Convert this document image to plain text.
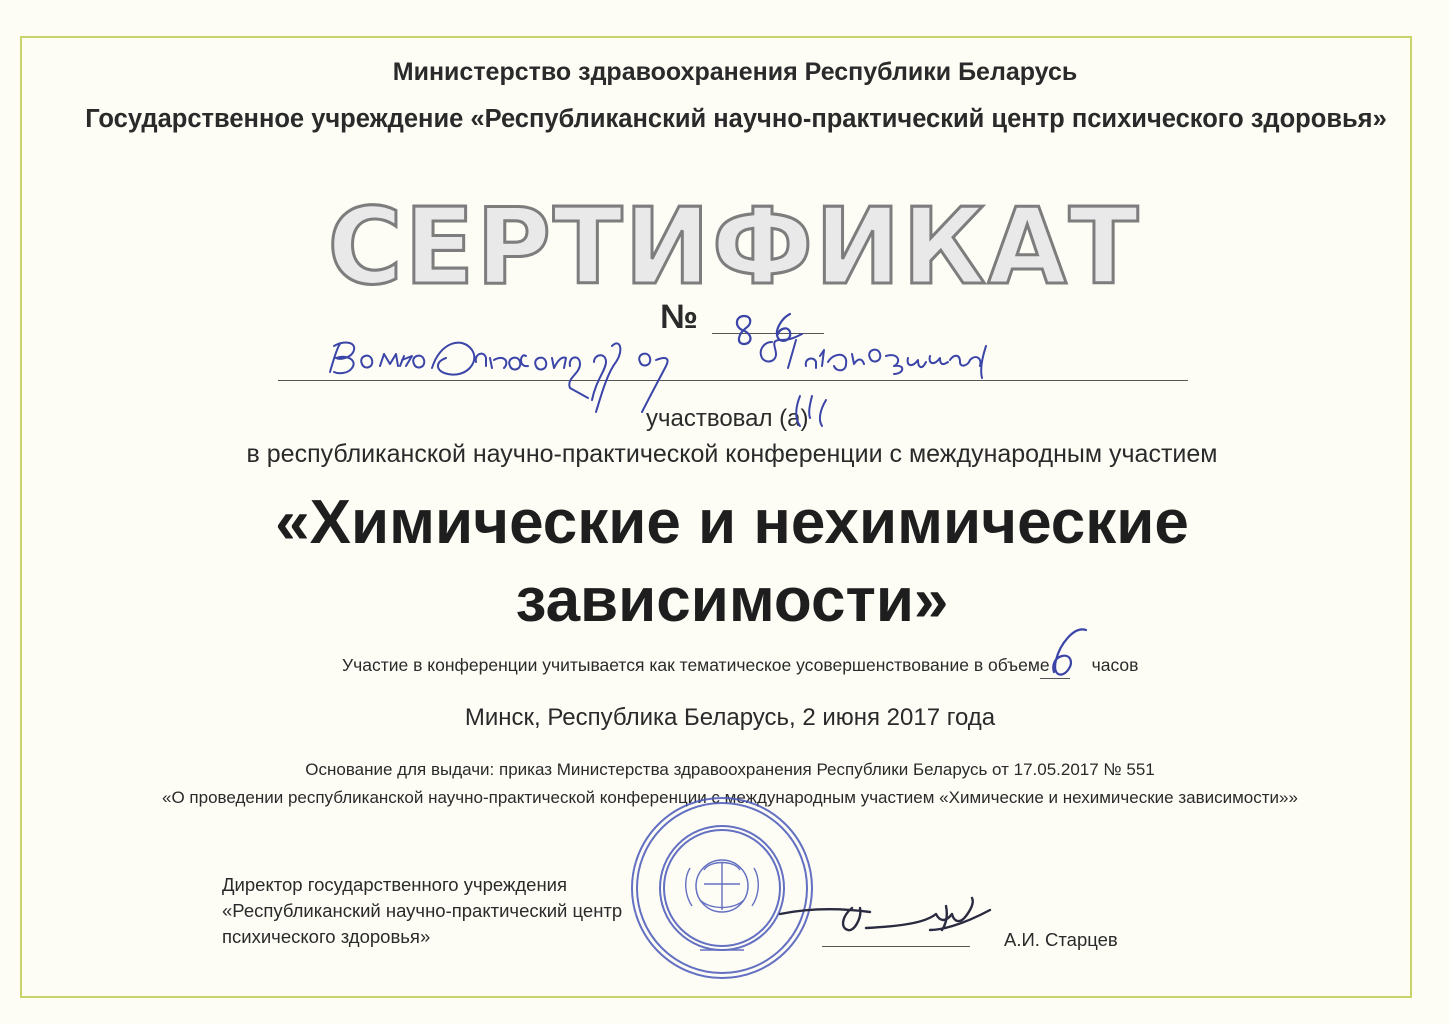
Министерство здравоохранения Республики Беларусь
Государственное учреждение «Республиканский научно-практический центр психического здоровья»
СЕРТИФИКАТ
№
участвовал (а)
в республиканской научно-практической конференции с международным участием
«Химические и нехимические
зависимости»
Участие в конференции учитывается как тематическое усовершенствование в объеме часов
Минск, Республика Беларусь, 2 июня 2017 года
Основание для выдачи: приказ Министерства здравоохранения Республики Беларусь от 17.05.2017 № 551
«О проведении республиканской научно-практической конференции с международным участием «Химические и нехимические зависимости»»
Директор государственного учреждения
«Республиканский научно-практический центр
психического здоровья»	А.И. Старцев
